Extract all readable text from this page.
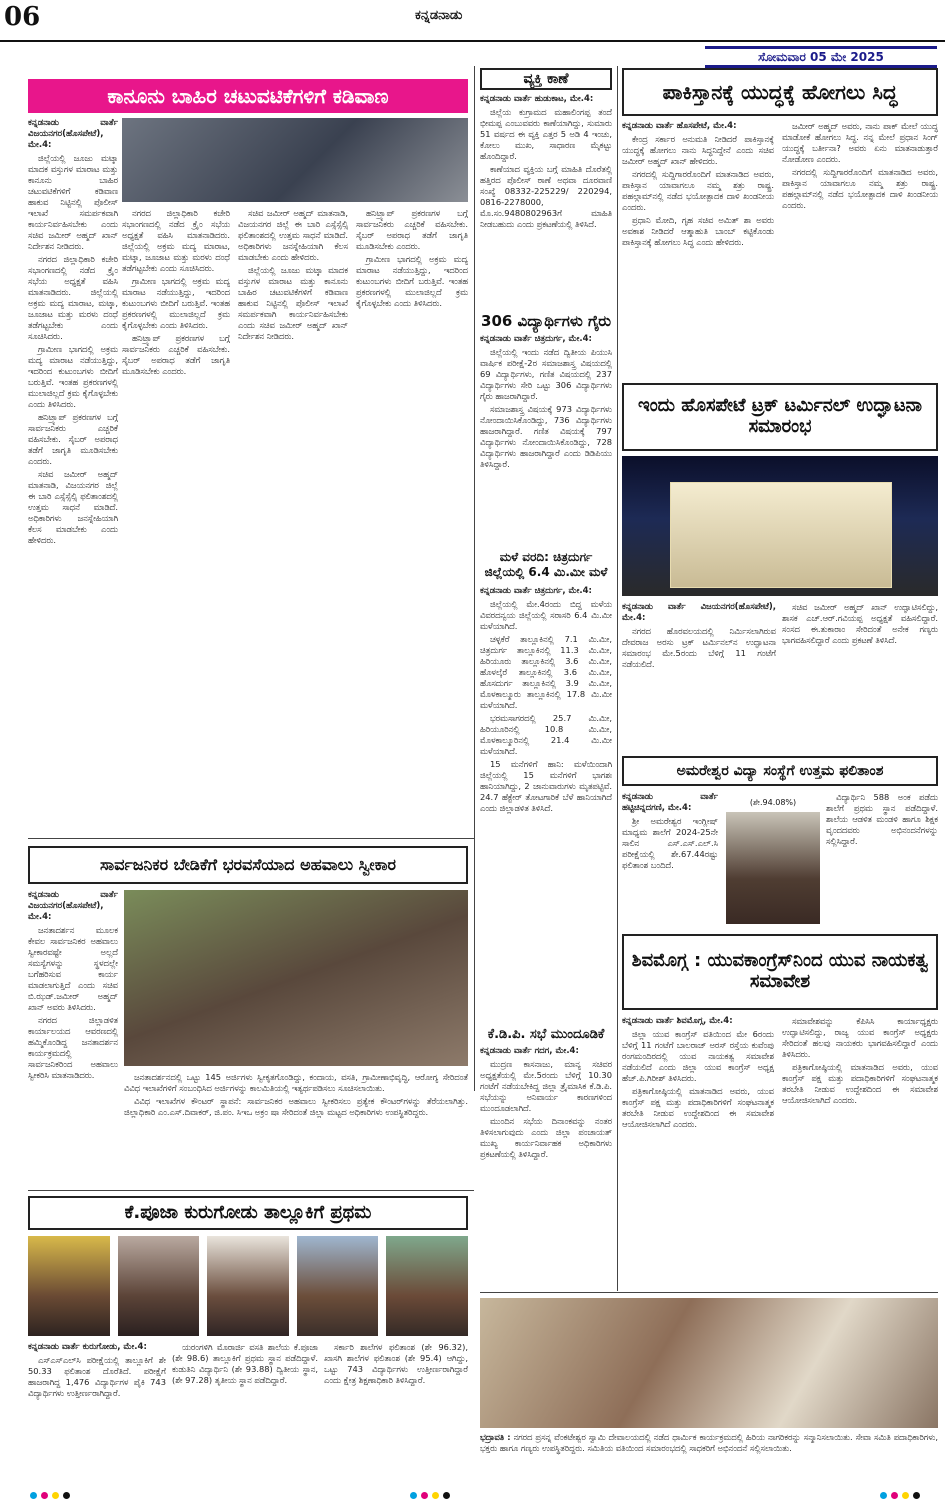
06	ಕನ್ನಡನಾಡು
ಸೋಮವಾರ 05 ಮೇ 2025
ಕಾನೂನು ಬಾಹಿರ ಚಟುವಟಿಕೆಗಳಿಗೆ ಕಡಿವಾಣ
ಕನ್ನಡನಾಡು ವಾರ್ತೆ ವಿಜಯನಗರ(ಹೊಸಪೇಟೆ), ಮೇ.4:

ಜಿಲ್ಲೆಯಲ್ಲಿ ಜೂಜು ಮಟ್ಕಾ ಮಾದಕ ವಸ್ತುಗಳ ಮಾರಾಟ ಮತ್ತು ಕಾನೂನು ಬಾಹಿರ ಚಟುವಟಿಕೆಗಳಿಗೆ ಕಡಿವಾಣ ಹಾಕುವ ನಿಟ್ಟಿನಲ್ಲಿ ಪೊಲೀಸ್ ಇಲಾಖೆ ಸಮರ್ಪಕವಾಗಿ ಕಾರ್ಯನಿರ್ವಹಿಸಬೇಕು ಎಂದು ಸಚಿವ ಜಮೀರ್ ಅಹ್ಮದ್ ಖಾನ್ ನಿರ್ದೇಶನ ನೀಡಿದರು.

ನಗರದ ಜಿಲ್ಲಾಧಿಕಾರಿ ಕಚೇರಿ ಸಭಾಂಗಣದಲ್ಲಿ ನಡೆದ ಕ್ರೈಂ ಸಭೆಯ ಅಧ್ಯಕ್ಷತೆ ವಹಿಸಿ ಮಾತನಾಡಿದರು. ಜಿಲ್ಲೆಯಲ್ಲಿ ಅಕ್ರಮ ಮದ್ಯ ಮಾರಾಟ, ಮಟ್ಕಾ, ಜೂಜಾಟ ಮತ್ತು ಮರಳು ದಂಧೆ ತಡೆಗಟ್ಟಬೇಕು ಎಂದು ಸೂಚಿಸಿದರು.

ಗ್ರಾಮೀಣ ಭಾಗದಲ್ಲಿ ಅಕ್ರಮ ಮದ್ಯ ಮಾರಾಟ ನಡೆಯುತ್ತಿದ್ದು, ಇದರಿಂದ ಕುಟುಂಬಗಳು ಬೀದಿಗೆ ಬರುತ್ತಿವೆ. ಇಂತಹ ಪ್ರಕರಣಗಳಲ್ಲಿ ಮುಲಾಜಿಲ್ಲದೆ ಕ್ರಮ ಕೈಗೊಳ್ಳಬೇಕು ಎಂದು ತಿಳಿಸಿದರು.

ಹನಿಟ್ರ್ಯಾಪ್ ಪ್ರಕರಣಗಳ ಬಗ್ಗೆ ಸಾರ್ವಜನಿಕರು ಎಚ್ಚರಿಕೆ ವಹಿಸಬೇಕು. ಸೈಬರ್ ಅಪರಾಧ ತಡೆಗೆ ಜಾಗೃತಿ ಮೂಡಿಸಬೇಕು ಎಂದರು.

ಸಚಿವ ಜಮೀರ್ ಅಹ್ಮದ್ ಮಾತನಾಡಿ, ವಿಜಯನಗರ ಜಿಲ್ಲೆ ಈ ಬಾರಿ ಎಸ್ಸೆಸ್ಸೆಲ್ಸಿ ಫಲಿತಾಂಶದಲ್ಲಿ ಉತ್ತಮ ಸಾಧನೆ ಮಾಡಿದೆ. ಅಧಿಕಾರಿಗಳು ಜನಸ್ನೇಹಿಯಾಗಿ ಕೆಲಸ ಮಾಡಬೇಕು ಎಂದು ಹೇಳಿದರು.

ನಗರದ ಜಿಲ್ಲಾಧಿಕಾರಿ ಕಚೇರಿ ಸಭಾಂಗಣದಲ್ಲಿ ನಡೆದ ಕ್ರೈಂ ಸಭೆಯ ಅಧ್ಯಕ್ಷತೆ ವಹಿಸಿ ಮಾತನಾಡಿದರು. ಜಿಲ್ಲೆಯಲ್ಲಿ ಅಕ್ರಮ ಮದ್ಯ ಮಾರಾಟ, ಮಟ್ಕಾ, ಜೂಜಾಟ ಮತ್ತು ಮರಳು ದಂಧೆ ತಡೆಗಟ್ಟಬೇಕು ಎಂದು ಸೂಚಿಸಿದರು.

ಗ್ರಾಮೀಣ ಭಾಗದಲ್ಲಿ ಅಕ್ರಮ ಮದ್ಯ ಮಾರಾಟ ನಡೆಯುತ್ತಿದ್ದು, ಇದರಿಂದ ಕುಟುಂಬಗಳು ಬೀದಿಗೆ ಬರುತ್ತಿವೆ. ಇಂತಹ ಪ್ರಕರಣಗಳಲ್ಲಿ ಮುಲಾಜಿಲ್ಲದೆ ಕ್ರಮ ಕೈಗೊಳ್ಳಬೇಕು ಎಂದು ತಿಳಿಸಿದರು.

ಹನಿಟ್ರ್ಯಾಪ್ ಪ್ರಕರಣಗಳ ಬಗ್ಗೆ ಸಾರ್ವಜನಿಕರು ಎಚ್ಚರಿಕೆ ವಹಿಸಬೇಕು. ಸೈಬರ್ ಅಪರಾಧ ತಡೆಗೆ ಜಾಗೃತಿ ಮೂಡಿಸಬೇಕು ಎಂದರು.

ಸಚಿವ ಜಮೀರ್ ಅಹ್ಮದ್ ಮಾತನಾಡಿ, ವಿಜಯನಗರ ಜಿಲ್ಲೆ ಈ ಬಾರಿ ಎಸ್ಸೆಸ್ಸೆಲ್ಸಿ ಫಲಿತಾಂಶದಲ್ಲಿ ಉತ್ತಮ ಸಾಧನೆ ಮಾಡಿದೆ. ಅಧಿಕಾರಿಗಳು ಜನಸ್ನೇಹಿಯಾಗಿ ಕೆಲಸ ಮಾಡಬೇಕು ಎಂದು ಹೇಳಿದರು.

ಜಿಲ್ಲೆಯಲ್ಲಿ ಜೂಜು ಮಟ್ಕಾ ಮಾದಕ ವಸ್ತುಗಳ ಮಾರಾಟ ಮತ್ತು ಕಾನೂನು ಬಾಹಿರ ಚಟುವಟಿಕೆಗಳಿಗೆ ಕಡಿವಾಣ ಹಾಕುವ ನಿಟ್ಟಿನಲ್ಲಿ ಪೊಲೀಸ್ ಇಲಾಖೆ ಸಮರ್ಪಕವಾಗಿ ಕಾರ್ಯನಿರ್ವಹಿಸಬೇಕು ಎಂದು ಸಚಿವ ಜಮೀರ್ ಅಹ್ಮದ್ ಖಾನ್ ನಿರ್ದೇಶನ ನೀಡಿದರು.

ಹನಿಟ್ರ್ಯಾಪ್ ಪ್ರಕರಣಗಳ ಬಗ್ಗೆ ಸಾರ್ವಜನಿಕರು ಎಚ್ಚರಿಕೆ ವಹಿಸಬೇಕು. ಸೈಬರ್ ಅಪರಾಧ ತಡೆಗೆ ಜಾಗೃತಿ ಮೂಡಿಸಬೇಕು ಎಂದರು.

ಗ್ರಾಮೀಣ ಭಾಗದಲ್ಲಿ ಅಕ್ರಮ ಮದ್ಯ ಮಾರಾಟ ನಡೆಯುತ್ತಿದ್ದು, ಇದರಿಂದ ಕುಟುಂಬಗಳು ಬೀದಿಗೆ ಬರುತ್ತಿವೆ. ಇಂತಹ ಪ್ರಕರಣಗಳಲ್ಲಿ ಮುಲಾಜಿಲ್ಲದೆ ಕ್ರಮ ಕೈಗೊಳ್ಳಬೇಕು ಎಂದು ತಿಳಿಸಿದರು.

ವ್ಯಕ್ತಿ ಕಾಣೆ
ಕನ್ನಡನಾಡು ವಾರ್ತೆ ಹುಡುಕಾಟ, ಮೇ.4:

ಜಿಲ್ಲೆಯ ಕುಗ್ರಾಮದ ಮಹಾಲಿಂಗಪ್ಪ ತಂದೆ ಭೀಮಪ್ಪ ಎಂಬುವವರು ಕಾಣೆಯಾಗಿದ್ದು, ಸುಮಾರು 51 ವರ್ಷದ ಈ ವ್ಯಕ್ತಿ ಎತ್ತರ 5 ಅಡಿ 4 ಇಂಚು, ಕೋಲು ಮುಖ, ಸಾಧಾರಣ ಮೈಕಟ್ಟು ಹೊಂದಿದ್ದಾರೆ.

ಕಾಣೆಯಾದ ವ್ಯಕ್ತಿಯ ಬಗ್ಗೆ ಮಾಹಿತಿ ದೊರೆತಲ್ಲಿ ಹತ್ತಿರದ ಪೊಲೀಸ್ ಠಾಣೆ ಅಥವಾ ದೂರವಾಣಿ ಸಂಖ್ಯೆ 08332-225229/ 220294, 0816-2278000, ಮೊ.ಸಂ.9480802963ಗೆ ಮಾಹಿತಿ ನೀಡಬಹುದು ಎಂದು ಪ್ರಕಟಣೆಯಲ್ಲಿ ತಿಳಿಸಿದೆ.

306 ವಿದ್ಯಾರ್ಥಿಗಳು ಗೈರು
ಕನ್ನಡನಾಡು ವಾರ್ತೆ ಚಿತ್ರದುರ್ಗ, ಮೇ.4:

ಜಿಲ್ಲೆಯಲ್ಲಿ ಇಂದು ನಡೆದ ದ್ವಿತೀಯ ಪಿಯುಸಿ ವಾರ್ಷಿಕ ಪರೀಕ್ಷೆ-2ರ ಸಮಾಜಶಾಸ್ತ್ರ ವಿಷಯದಲ್ಲಿ 69 ವಿದ್ಯಾರ್ಥಿಗಳು, ಗಣಿತ ವಿಷಯದಲ್ಲಿ 237 ವಿದ್ಯಾರ್ಥಿಗಳು ಸೇರಿ ಒಟ್ಟು 306 ವಿದ್ಯಾರ್ಥಿಗಳು ಗೈರು ಹಾಜರಾಗಿದ್ದಾರೆ.

ಸಮಾಜಶಾಸ್ತ್ರ ವಿಷಯಕ್ಕೆ 973 ವಿದ್ಯಾರ್ಥಿಗಳು ನೋಂದಾಯಿಸಿಕೊಂಡಿದ್ದು, 736 ವಿದ್ಯಾರ್ಥಿಗಳು ಹಾಜರಾಗಿದ್ದಾರೆ. ಗಣಿತ ವಿಷಯಕ್ಕೆ 797 ವಿದ್ಯಾರ್ಥಿಗಳು ನೋಂದಾಯಿಸಿಕೊಂಡಿದ್ದು, 728 ವಿದ್ಯಾರ್ಥಿಗಳು ಹಾಜರಾಗಿದ್ದಾರೆ ಎಂದು ಡಿಡಿಪಿಯು ತಿಳಿಸಿದ್ದಾರೆ.

ಮಳೆ ವರದಿ: ಚಿತ್ರದುರ್ಗ ಜಿಲ್ಲೆಯಲ್ಲಿ 6.4 ಮಿ.ಮೀ ಮಳೆ
ಕನ್ನಡನಾಡು ವಾರ್ತೆ ಚಿತ್ರದುರ್ಗ, ಮೇ.4:

ಜಿಲ್ಲೆಯಲ್ಲಿ ಮೇ.4ರಂದು ಬಿದ್ದ ಮಳೆಯ ವಿವರದನ್ವಯ ಜಿಲ್ಲೆಯಲ್ಲಿ ಸರಾಸರಿ 6.4 ಮಿ.ಮೀ ಮಳೆಯಾಗಿದೆ.

ಚಳ್ಳಕೆರೆ ತಾಲ್ಲೂಕಿನಲ್ಲಿ 7.1 ಮಿ.ಮೀ, ಚಿತ್ರದುರ್ಗ ತಾಲ್ಲೂಕಿನಲ್ಲಿ 11.3 ಮಿ.ಮೀ, ಹಿರಿಯೂರು ತಾಲ್ಲೂಕಿನಲ್ಲಿ 3.6 ಮಿ.ಮೀ, ಹೊಳಲ್ಕೆರೆ ತಾಲ್ಲೂಕಿನಲ್ಲಿ 3.6 ಮಿ.ಮೀ, ಹೊಸದುರ್ಗ ತಾಲ್ಲೂಕಿನಲ್ಲಿ 3.9 ಮಿ.ಮೀ, ಮೊಳಕಾಲ್ಮೂರು ತಾಲ್ಲೂಕಿನಲ್ಲಿ 17.8 ಮಿ.ಮೀ ಮಳೆಯಾಗಿದೆ.

ಭರಮಸಾಗರದಲ್ಲಿ 25.7 ಮಿ.ಮೀ, ಹಿರಿಯೂರಿನಲ್ಲಿ 10.8 ಮಿ.ಮೀ, ಮೊಳಕಾಲ್ಮೂರಿನಲ್ಲಿ 21.4 ಮಿ.ಮೀ ಮಳೆಯಾಗಿದೆ.

15 ಮನೆಗಳಿಗೆ ಹಾನಿ: ಮಳೆಯಿಂದಾಗಿ ಜಿಲ್ಲೆಯಲ್ಲಿ 15 ಮನೆಗಳಿಗೆ ಭಾಗಶಃ ಹಾನಿಯಾಗಿದ್ದು, 2 ಜಾನುವಾರುಗಳು ಮೃತಪಟ್ಟಿವೆ. 24.7 ಹೆಕ್ಟೇರ್ ತೋಟಗಾರಿಕೆ ಬೆಳೆ ಹಾನಿಯಾಗಿದೆ ಎಂದು ಜಿಲ್ಲಾಡಳಿತ ತಿಳಿಸಿದೆ.

ಕೆ.ಡಿ.ಪಿ. ಸಭೆ ಮುಂದೂಡಿಕೆ
ಕನ್ನಡನಾಡು ವಾರ್ತೆ ಗದಗ, ಮೇ.4:

ಮುದ್ರಣ ಕಾಸನಾಜು, ಮಾನ್ಯ ಸಚಿವರ ಅಧ್ಯಕ್ಷತೆಯಲ್ಲಿ ಮೇ.5ರಂದು ಬೆಳಿಗ್ಗೆ 10.30 ಗಂಟೆಗೆ ನಡೆಯಬೇಕಿದ್ದ ಜಿಲ್ಲಾ ತ್ರೈಮಾಸಿಕ ಕೆ.ಡಿ.ಪಿ. ಸಭೆಯನ್ನು ಅನಿವಾರ್ಯ ಕಾರಣಗಳಿಂದ ಮುಂದೂಡಲಾಗಿದೆ.

ಮುಂದಿನ ಸಭೆಯ ದಿನಾಂಕವನ್ನು ನಂತರ ತಿಳಿಸಲಾಗುವುದು ಎಂದು ಜಿಲ್ಲಾ ಪಂಚಾಯತ್ ಮುಖ್ಯ ಕಾರ್ಯನಿರ್ವಾಹಕ ಅಧಿಕಾರಿಗಳು ಪ್ರಕಟಣೆಯಲ್ಲಿ ತಿಳಿಸಿದ್ದಾರೆ.

ಪಾಕಿಸ್ತಾನಕ್ಕೆ ಯುದ್ಧಕ್ಕೆ ಹೋಗಲು ಸಿದ್ಧ
ಕನ್ನಡನಾಡು ವಾರ್ತೆ ಹೊಸಪೇಟೆ, ಮೇ.4:

ಕೇಂದ್ರ ಸರ್ಕಾರ ಅನುಮತಿ ನೀಡಿದರೆ ಪಾಕಿಸ್ತಾನಕ್ಕೆ ಯುದ್ಧಕ್ಕೆ ಹೋಗಲು ನಾನು ಸಿದ್ಧನಿದ್ದೇನೆ ಎಂದು ಸಚಿವ ಜಮೀರ್ ಅಹ್ಮದ್ ಖಾನ್ ಹೇಳಿದರು.

ನಗರದಲ್ಲಿ ಸುದ್ದಿಗಾರರೊಂದಿಗೆ ಮಾತನಾಡಿದ ಅವರು, ಪಾಕಿಸ್ತಾನ ಯಾವಾಗಲೂ ನಮ್ಮ ಶತ್ರು ರಾಷ್ಟ್ರ. ಪಹಲ್ಗಾಮ್‌ನಲ್ಲಿ ನಡೆದ ಭಯೋತ್ಪಾದಕ ದಾಳಿ ಖಂಡನೀಯ ಎಂದರು.

ಪ್ರಧಾನಿ ಮೋದಿ, ಗೃಹ ಸಚಿವ ಅಮಿತ್ ಶಾ ಅವರು ಅವಕಾಶ ನೀಡಿದರೆ ಆತ್ಮಾಹುತಿ ಬಾಂಬ್ ಕಟ್ಟಿಕೊಂಡು ಪಾಕಿಸ್ತಾನಕ್ಕೆ ಹೋಗಲು ಸಿದ್ಧ ಎಂದು ಹೇಳಿದರು.

ಜಮೀರ್ ಅಹ್ಮದ್ ಅವರು, ನಾನು ಪಾಕ್ ಮೇಲೆ ಯುದ್ಧ ಮಾಡೋಕೆ ಹೋಗಲು ಸಿದ್ಧ. ನನ್ನ ಮೇಲೆ ಪ್ರಧಾನ ಸಿಂಗ್ ಯುದ್ಧಕ್ಕೆ ಬರ್ತೀನಾ? ಅವರು ಏನು ಮಾತನಾಡುತ್ತಾರೆ ನೋಡೋಣ ಎಂದರು.

ನಗರದಲ್ಲಿ ಸುದ್ದಿಗಾರರೊಂದಿಗೆ ಮಾತನಾಡಿದ ಅವರು, ಪಾಕಿಸ್ತಾನ ಯಾವಾಗಲೂ ನಮ್ಮ ಶತ್ರು ರಾಷ್ಟ್ರ. ಪಹಲ್ಗಾಮ್‌ನಲ್ಲಿ ನಡೆದ ಭಯೋತ್ಪಾದಕ ದಾಳಿ ಖಂಡನೀಯ ಎಂದರು.

ಇಂದು ಹೊಸಪೇಟೆ ಟ್ರಕ್ ಟರ್ಮಿನಲ್ ಉದ್ಘಾಟನಾ ಸಮಾರಂಭ
ಕನ್ನಡನಾಡು ವಾರ್ತೆ ವಿಜಯನಗರ(ಹೊಸಪೇಟೆ), ಮೇ.4:

ನಗರದ ಹೊರವಲಯದಲ್ಲಿ ನಿರ್ಮಿಸಲಾಗಿರುವ ದೇವರಾಜ ಅರಸು ಟ್ರಕ್ ಟರ್ಮಿನಲ್‌ನ ಉದ್ಘಾಟನಾ ಸಮಾರಂಭ ಮೇ.5ರಂದು ಬೆಳಿಗ್ಗೆ 11 ಗಂಟೆಗೆ ನಡೆಯಲಿದೆ.

ಸಚಿವ ಜಮೀರ್ ಅಹ್ಮದ್ ಖಾನ್ ಉದ್ಘಾಟಿಸಲಿದ್ದು, ಶಾಸಕ ಎಚ್.ಆರ್.ಗವಿಯಪ್ಪ ಅಧ್ಯಕ್ಷತೆ ವಹಿಸಲಿದ್ದಾರೆ. ಸಂಸದ ಈ.ತುಕಾರಾಂ ಸೇರಿದಂತೆ ಅನೇಕ ಗಣ್ಯರು ಭಾಗವಹಿಸಲಿದ್ದಾರೆ ಎಂದು ಪ್ರಕಟಣೆ ತಿಳಿಸಿದೆ.

ಅಮರೇಶ್ವರ ವಿದ್ಯಾ ಸಂಸ್ಥೆಗೆ ಉತ್ತಮ ಫಲಿತಾಂಶ
ಕನ್ನಡನಾಡು ವಾರ್ತೆ ಹಟ್ಟಿಚಿನ್ನದಗಣಿ, ಮೇ.4:

ಶ್ರೀ ಅಮರೇಶ್ವರ ಇಂಗ್ಲೀಷ್ ಮಾಧ್ಯಮ ಶಾಲೆಗೆ 2024-25ನೇ ಸಾಲಿನ ಎಸ್.ಎಸ್.ಎಲ್.ಸಿ ಪರೀಕ್ಷೆಯಲ್ಲಿ ಶೇ.67.44ರಷ್ಟು ಫಲಿತಾಂಶ ಬಂದಿದೆ.

(ಶೇ.94.08%)

ವಿದ್ಯಾರ್ಥಿನಿ 588 ಅಂಕ ಪಡೆದು ಶಾಲೆಗೆ ಪ್ರಥಮ ಸ್ಥಾನ ಪಡೆದಿದ್ದಾಳೆ. ಶಾಲೆಯ ಆಡಳಿತ ಮಂಡಳಿ ಹಾಗೂ ಶಿಕ್ಷಕ ವೃಂದದವರು ಅಭಿನಂದನೆಗಳನ್ನು ಸಲ್ಲಿಸಿದ್ದಾರೆ.

ಶಿವಮೊಗ್ಗ : ಯುವಕಾಂಗ್ರೆಸ್‌ನಿಂದ ಯುವ ನಾಯಕತ್ವ ಸಮಾವೇಶ
ಕನ್ನಡನಾಡು ವಾರ್ತೆ ಶಿವಮೊಗ್ಗ, ಮೇ.4:

ಜಿಲ್ಲಾ ಯುವ ಕಾಂಗ್ರೆಸ್ ವತಿಯಿಂದ ಮೇ 6ರಂದು ಬೆಳಿಗ್ಗೆ 11 ಗಂಟೆಗೆ ಬಾಲರಾಜ್ ಅರಸ್ ರಸ್ತೆಯ ಕುವೆಂಪು ರಂಗಮಂದಿರದಲ್ಲಿ ಯುವ ನಾಯಕತ್ವ ಸಮಾವೇಶ ನಡೆಯಲಿದೆ ಎಂದು ಜಿಲ್ಲಾ ಯುವ ಕಾಂಗ್ರೆಸ್ ಅಧ್ಯಕ್ಷ ಹೆಚ್.ಪಿ.ಗಿರೀಶ್ ತಿಳಿಸಿದರು.

ಪತ್ರಿಕಾಗೋಷ್ಠಿಯಲ್ಲಿ ಮಾತನಾಡಿದ ಅವರು, ಯುವ ಕಾಂಗ್ರೆಸ್ ಪಕ್ಷ ಮತ್ತು ಪದಾಧಿಕಾರಿಗಳಿಗೆ ಸಂಘಟನಾತ್ಮಕ ತರಬೇತಿ ನೀಡುವ ಉದ್ದೇಶದಿಂದ ಈ ಸಮಾವೇಶ ಆಯೋಜಿಸಲಾಗಿದೆ ಎಂದರು.

ಸಮಾವೇಶವನ್ನು ಕೆಪಿಸಿಸಿ ಕಾರ್ಯಾಧ್ಯಕ್ಷರು ಉದ್ಘಾಟಿಸಲಿದ್ದು, ರಾಜ್ಯ ಯುವ ಕಾಂಗ್ರೆಸ್ ಅಧ್ಯಕ್ಷರು ಸೇರಿದಂತೆ ಹಲವು ನಾಯಕರು ಭಾಗವಹಿಸಲಿದ್ದಾರೆ ಎಂದು ತಿಳಿಸಿದರು.

ಪತ್ರಿಕಾಗೋಷ್ಠಿಯಲ್ಲಿ ಮಾತನಾಡಿದ ಅವರು, ಯುವ ಕಾಂಗ್ರೆಸ್ ಪಕ್ಷ ಮತ್ತು ಪದಾಧಿಕಾರಿಗಳಿಗೆ ಸಂಘಟನಾತ್ಮಕ ತರಬೇತಿ ನೀಡುವ ಉದ್ದೇಶದಿಂದ ಈ ಸಮಾವೇಶ ಆಯೋಜಿಸಲಾಗಿದೆ ಎಂದರು.

ಸಾರ್ವಜನಿಕರ ಬೇಡಿಕೆಗೆ ಭರವಸೆಯಾದ ಅಹವಾಲು ಸ್ವೀಕಾರ
ಕನ್ನಡನಾಡು ವಾರ್ತೆ ವಿಜಯನಗರ(ಹೊಸಪೇಟೆ), ಮೇ.4:

ಜನತಾದರ್ಶನ ಮೂಲಕ ಕೇವಲ ಸಾರ್ವಜನಿಕರ ಅಹವಾಲು ಸ್ವೀಕಾರವಷ್ಟೇ ಅಲ್ಲದೆ ಸಮಸ್ಯೆಗಳನ್ನು ಸ್ಥಳದಲ್ಲೇ ಬಗೆಹರಿಸುವ ಕಾರ್ಯ ಮಾಡಲಾಗುತ್ತಿದೆ ಎಂದು ಸಚಿವ ಬಿ.ಝಡ್.ಜಮೀರ್ ಅಹ್ಮದ್ ಖಾನ್ ಅವರು ತಿಳಿಸಿದರು.

ನಗರದ ಜಿಲ್ಲಾಡಳಿತ ಕಾರ್ಯಾಲಯದ ಆವರಣದಲ್ಲಿ ಹಮ್ಮಿಕೊಂಡಿದ್ದ ಜನತಾದರ್ಶನ ಕಾರ್ಯಕ್ರಮದಲ್ಲಿ ಸಾರ್ವಜನಿಕರಿಂದ ಅಹವಾಲು ಸ್ವೀಕರಿಸಿ ಮಾತನಾಡಿದರು.	ಜನತಾದರ್ಶನದಲ್ಲಿ ಒಟ್ಟು 145 ಅರ್ಜಿಗಳು ಸ್ವೀಕೃತಗೊಂಡಿದ್ದು, ಕಂದಾಯ, ವಸತಿ, ಗ್ರಾಮೀಣಾಭಿವೃದ್ಧಿ, ಆರೋಗ್ಯ ಸೇರಿದಂತೆ ವಿವಿಧ ಇಲಾಖೆಗಳಿಗೆ ಸಂಬಂಧಿಸಿದ ಅರ್ಜಿಗಳನ್ನು ಕಾಲಮಿತಿಯಲ್ಲಿ ಇತ್ಯರ್ಥಪಡಿಸಲು ಸೂಚಿಸಲಾಯಿತು.

ವಿವಿಧ ಇಲಾಖೆಗಳ ಕೌಂಟರ್ ಸ್ಥಾಪನೆ: ಸಾರ್ವಜನಿಕರ ಅಹವಾಲು ಸ್ವೀಕರಿಸಲು ಪ್ರತ್ಯೇಕ ಕೌಂಟರ್‌ಗಳನ್ನು ತೆರೆಯಲಾಗಿತ್ತು. ಜಿಲ್ಲಾಧಿಕಾರಿ ಎಂ.ಎಸ್.ದಿವಾಕರ್, ಜಿ.ಪಂ. ಸಿಇಒ ಅಕ್ರಂ ಷಾ ಸೇರಿದಂತೆ ಜಿಲ್ಲಾ ಮಟ್ಟದ ಅಧಿಕಾರಿಗಳು ಉಪಸ್ಥಿತರಿದ್ದರು.

ಕೆ.ಪೂಜಾ ಕುರುಗೋಡು ತಾಲ್ಲೂಕಿಗೆ ಪ್ರಥಮ
ಕನ್ನಡನಾಡು ವಾರ್ತೆ ಕುರುಗೋಡು, ಮೇ.4:

ಎಸ್‌ಎಸ್‌ಎಲ್‌ಸಿ ಪರೀಕ್ಷೆಯಲ್ಲಿ ತಾಲ್ಲೂಕಿಗೆ ಶೇ 50.33 ಫಲಿತಾಂಶ ದೊರೆತಿದೆ. ಪರೀಕ್ಷೆಗೆ ಹಾಜರಾಗಿದ್ದ 1,476 ವಿದ್ಯಾರ್ಥಿಗಳ ಪೈಕಿ 743 ವಿದ್ಯಾರ್ಥಿಗಳು ಉತ್ತೀರ್ಣರಾಗಿದ್ದಾರೆ.

ಯರಂಗಳಿಗಿ ಮೊರಾರ್ಜಿ ವಸತಿ ಶಾಲೆಯ ಕೆ.ಪೂಜಾ (ಶೇ 98.6) ತಾಲ್ಲೂಕಿಗೆ ಪ್ರಥಮ ಸ್ಥಾನ ಪಡೆದಿದ್ದಾಳೆ. ಕುಡುತಿನಿ ವಿದ್ಯಾರ್ಥಿನಿ (ಶೇ 93.88) ದ್ವಿತೀಯ ಸ್ಥಾನ, (ಶೇ 97.28) ತೃತೀಯ ಸ್ಥಾನ ಪಡೆದಿದ್ದಾರೆ.

ಸರ್ಕಾರಿ ಶಾಲೆಗಳ ಫಲಿತಾಂಶ (ಶೇ 96.32), ಖಾಸಗಿ ಶಾಲೆಗಳ ಫಲಿತಾಂಶ (ಶೇ 95.4) ಆಗಿದ್ದು, ಒಟ್ಟು 743 ವಿದ್ಯಾರ್ಥಿಗಳು ಉತ್ತೀರ್ಣರಾಗಿದ್ದಾರೆ ಎಂದು ಕ್ಷೇತ್ರ ಶಿಕ್ಷಣಾಧಿಕಾರಿ ತಿಳಿಸಿದ್ದಾರೆ.

ಭದ್ರಾವತಿ : ನಗರದ ಪ್ರಸನ್ನ ವೆಂಕಟೇಶ್ವರ ಸ್ವಾಮಿ ದೇವಾಲಯದಲ್ಲಿ ನಡೆದ ಧಾರ್ಮಿಕ ಕಾರ್ಯಕ್ರಮದಲ್ಲಿ ಹಿರಿಯ ನಾಗರಿಕರನ್ನು ಸನ್ಮಾನಿಸಲಾಯಿತು. ಸೇವಾ ಸಮಿತಿ ಪದಾಧಿಕಾರಿಗಳು, ಭಕ್ತರು ಹಾಗೂ ಗಣ್ಯರು ಉಪಸ್ಥಿತರಿದ್ದರು. ಸಮಿತಿಯ ವತಿಯಿಂದ ಸಮಾರಂಭದಲ್ಲಿ ಸಾಧಕರಿಗೆ ಅಭಿನಂದನೆ ಸಲ್ಲಿಸಲಾಯಿತು.
